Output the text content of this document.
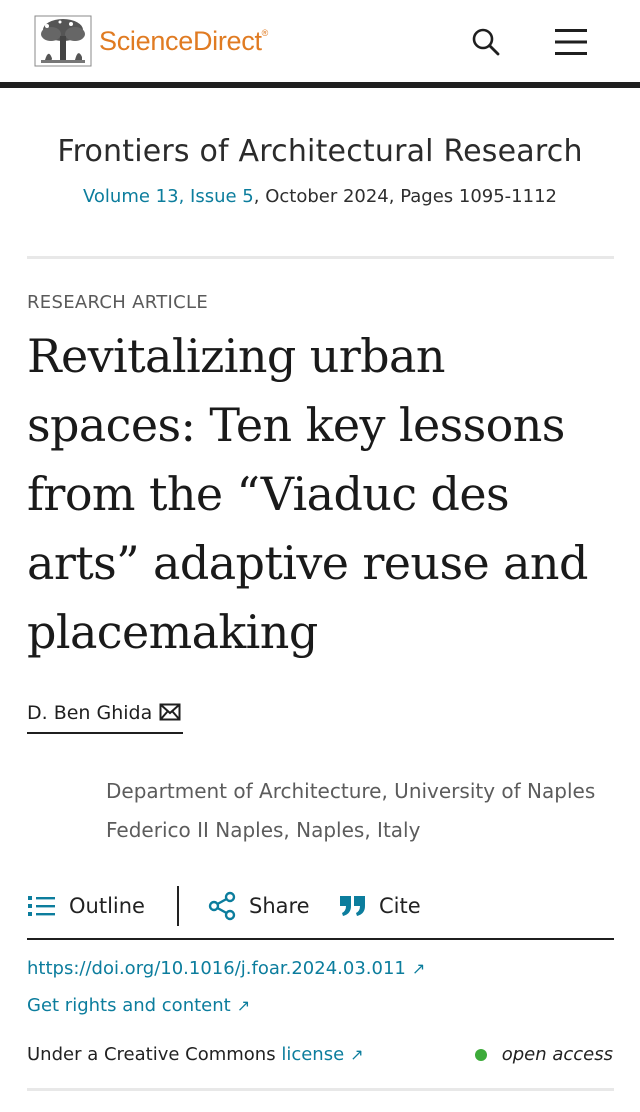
ScienceDirect®
Frontiers of Architectural Research
Volume 13, Issue 5, October 2024, Pages 1095-1112
RESEARCH ARTICLE
Revitalizing urban spaces: Ten key lessons from the “Viaduc des arts” adaptive reuse and placemaking
D. Ben Ghida
Department of Architecture, University of Naples Federico II Naples, Naples, Italy
Outline	Share	Cite
https://doi.org/10.1016/j.foar.2024.03.011 ↗
Get rights and content ↗
Under a Creative Commons license ↗	open access
